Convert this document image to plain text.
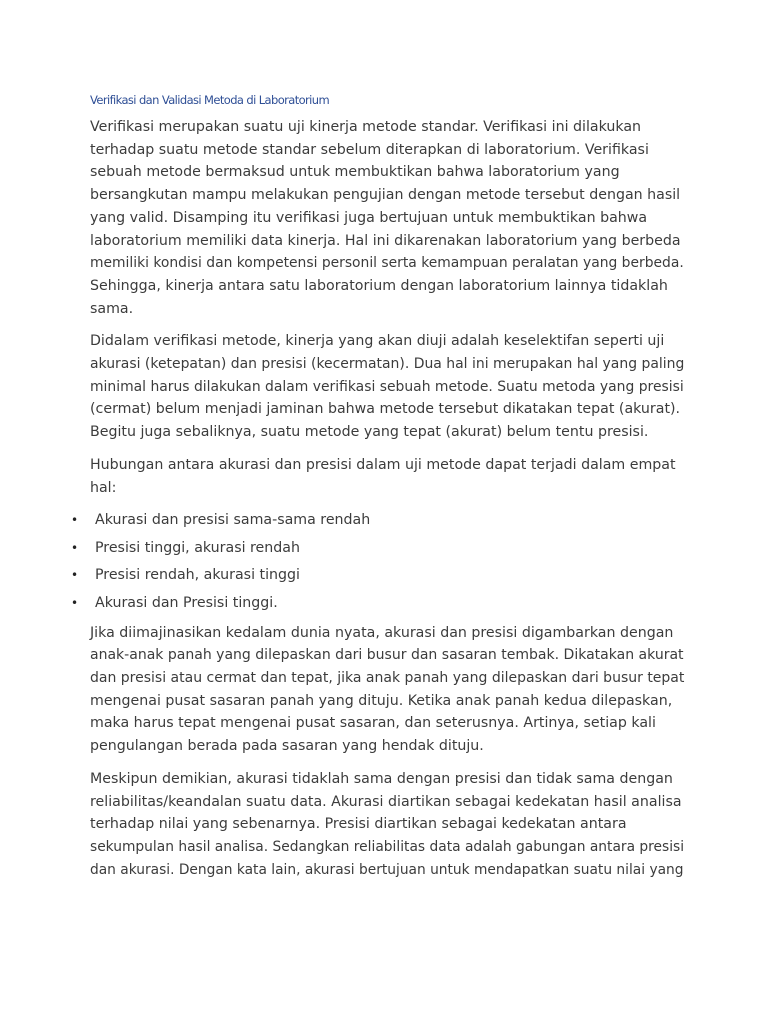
Verifikasi dan Validasi Metoda di Laboratorium

Verifikasi merupakan suatu uji kinerja metode standar. Verifikasi ini dilakukan
terhadap suatu metode standar sebelum diterapkan di laboratorium. Verifikasi
sebuah metode bermaksud untuk membuktikan bahwa laboratorium yang
bersangkutan mampu melakukan pengujian dengan metode tersebut dengan hasil
yang valid. Disamping itu verifikasi juga bertujuan untuk membuktikan bahwa
laboratorium memiliki data kinerja. Hal ini dikarenakan laboratorium yang berbeda
memiliki kondisi dan kompetensi personil serta kemampuan peralatan yang berbeda.
Sehingga, kinerja antara satu laboratorium dengan laboratorium lainnya tidaklah
sama.

Didalam verifikasi metode, kinerja yang akan diuji adalah keselektifan seperti uji
akurasi (ketepatan) dan presisi (kecermatan). Dua hal ini merupakan hal yang paling
minimal harus dilakukan dalam verifikasi sebuah metode. Suatu metoda yang presisi
(cermat) belum menjadi jaminan bahwa metode tersebut dikatakan tepat (akurat).
Begitu juga sebaliknya, suatu metode yang tepat (akurat) belum tentu presisi.

Hubungan antara akurasi dan presisi dalam uji metode dapat terjadi dalam empat
hal:

• Akurasi dan presisi sama-sama rendah
• Presisi tinggi, akurasi rendah
• Presisi rendah, akurasi tinggi
• Akurasi dan Presisi tinggi.

Jika diimajinasikan kedalam dunia nyata, akurasi dan presisi digambarkan dengan
anak-anak panah yang dilepaskan dari busur dan sasaran tembak. Dikatakan akurat
dan presisi atau cermat dan tepat, jika anak panah yang dilepaskan dari busur tepat
mengenai pusat sasaran panah yang dituju. Ketika anak panah kedua dilepaskan,
maka harus tepat mengenai pusat sasaran, dan seterusnya. Artinya, setiap kali
pengulangan berada pada sasaran yang hendak dituju.

Meskipun demikian, akurasi tidaklah sama dengan presisi dan tidak sama dengan
reliabilitas/keandalan suatu data. Akurasi diartikan sebagai kedekatan hasil analisa
terhadap nilai yang sebenarnya. Presisi diartikan sebagai kedekatan antara
sekumpulan hasil analisa. Sedangkan reliabilitas data adalah gabungan antara presisi
dan akurasi. Dengan kata lain, akurasi bertujuan untuk mendapatkan suatu nilai yang
